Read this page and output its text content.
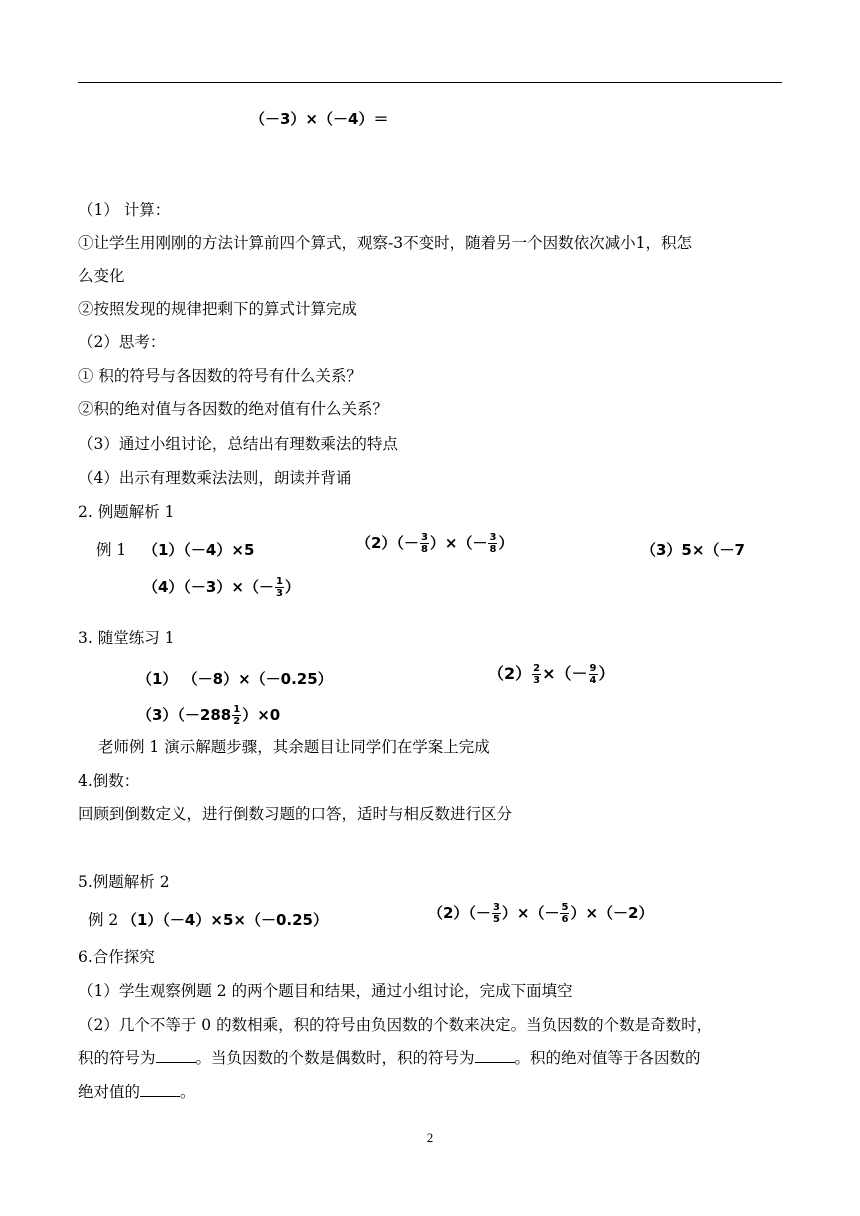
（－3）×（－4）＝
（1） 计算：
①让学生用刚刚的方法计算前四个算式，观察-3不变时，随着另一个因数依次减小1，积怎
么变化
②按照发现的规律把剩下的算式计算完成
（2）思考：
① 积的符号与各因数的符号有什么关系？
②积的绝对值与各因数的绝对值有什么关系？
（3）通过小组讨论，总结出有理数乘法的特点
（4）出示有理数乘法法则，朗读并背诵
2. 例题解析 1
例 1 （1）（－4）×5	$(2)(- \frac{3}{8}$ ）×（－ $\frac{3}{8}$ ）	（3）5×（－7
$(4)(-3)\times(- \frac{1}{3}$ ）
3. 随堂练习 1
（1） （－8）×（－0.25）	$(2) \frac{2}{3}$ ×（－ $\frac{9}{4}$ ）
$(3)(-288 \frac{1}{2} )\times 0$
老师例 1 演示解题步骤，其余题目让同学们在学案上完成
4.倒数：
回顾到倒数定义，进行倒数习题的口答，适时与相反数进行区分
5.例题解析 2
例 2 （1）（－4）×5×（－0.25）	$(2)(- \frac{3}{5}$ ）×（－ $\frac{5}{6} )\times(-2)$
6.合作探究
（1）学生观察例题 2 的两个题目和结果，通过小组讨论，完成下面填空
（2）几个不等于 0 的数相乘，积的符号由负因数的个数来决定。当负因数的个数是奇数时，
积的符号为	。当负因数的个数是偶数时，积的符号为	。积的绝对值等于各因数的
绝对值的	。
2
